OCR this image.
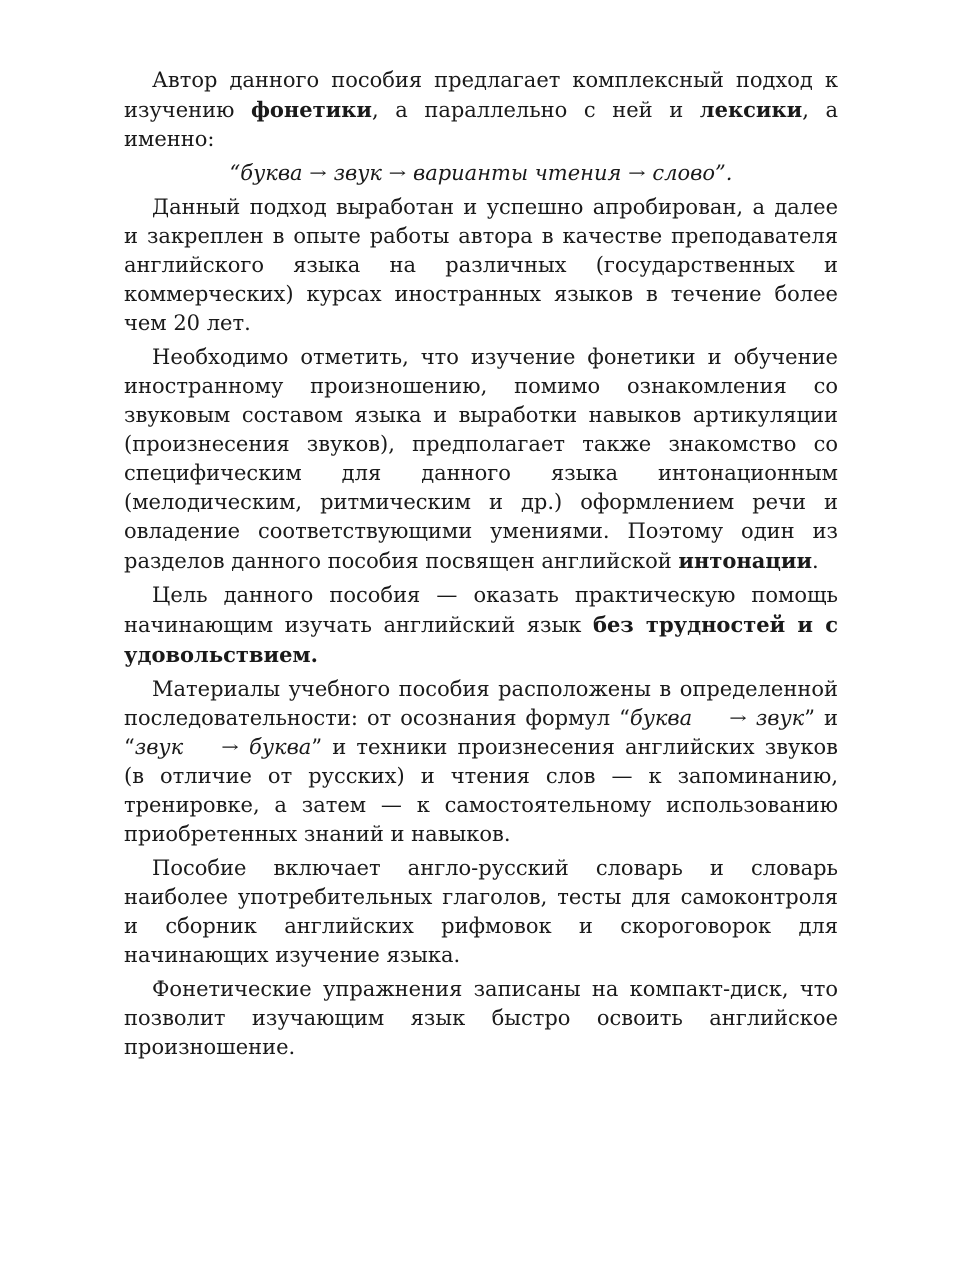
Автор данного пособия предлагает комплексный подход к изучению фонетики, а параллельно с ней и лексики, а именно:

“буква → звук → варианты чтения → слово”.

Данный подход выработан и успешно апробирован, а далее и закреплен в опыте работы автора в качестве преподавателя английского языка на различных (государственных и коммерческих) курсах иностранных языков в течение более чем 20 лет.

Необходимо отметить, что изучение фонетики и обучение иностранному произношению, помимо ознакомления со звуковым составом языка и выработки навыков артикуляции (произнесения звуков), предполагает также знакомство со специфическим для данного языка интонационным (мелодическим, ритмическим и др.) оформлением речи и овладение соответствующими умениями. Поэтому один из разделов данного пособия посвящен английской интонации.

Цель данного пособия — оказать практическую помощь начинающим изучать английский язык без трудностей и с удовольствием.

Материалы учебного пособия расположены в определенной последовательности: от осознания формул “буква → звук” и “звук → буква” и техники произнесения английских звуков (в отличие от русских) и чтения слов — к запоминанию, тренировке, а затем — к самостоятельному использованию приобретенных знаний и навыков.

Пособие включает англо-русский словарь и словарь наиболее употребительных глаголов, тесты для самоконтроля и сборник английских рифмовок и скороговорок для начинающих изучение языка.

Фонетические упражнения записаны на компакт-диск, что позволит изучающим язык быстро освоить английское произношение.
